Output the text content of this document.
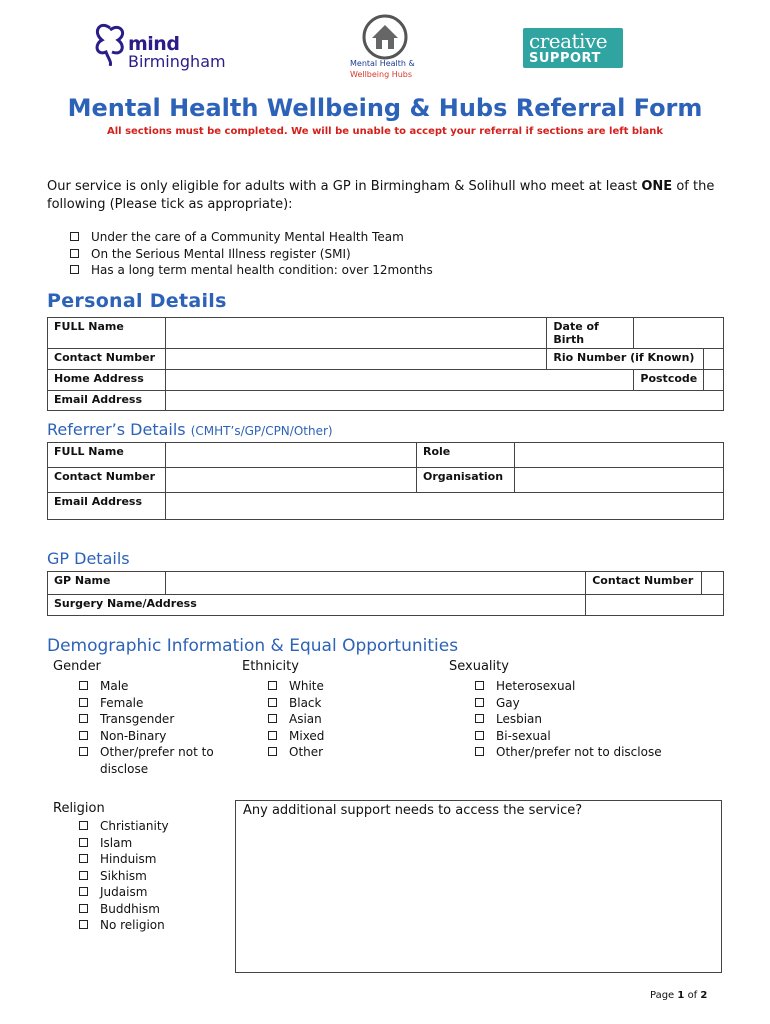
mind
Birmingham	Mental Health &
Wellbeing Hubs
creative
SUPPORT
Mental Health Wellbeing & Hubs Referral Form
All sections must be completed. We will be unable to accept your referral if sections are left blank
Our service is only eligible for adults with a GP in Birmingham & Solihull who meet at least ONE of the following (Please tick as appropriate):
Under the care of a Community Mental Health Team
On the Serious Mental Illness register (SMI)
Has a long term mental health condition: over 12months
Personal Details
FULL Name		Date of Birth		
Contact Number		Rio Number (if Known)		
Home Address			Postcode	
Email Address				
Referrer’s Details (CMHT’s/GP/CPN/Other)
FULL Name		Role	
Contact Number		Organisation	
Email Address			
GP Details
GP Name		Contact Number	
Surgery Name/Address			
Demographic Information & Equal Opportunities
Gender
Male
Female
Transgender
Non-Binary
Other/prefer not to
disclose
Ethnicity
White
Black
Asian
Mixed
Other
Sexuality
Heterosexual
Gay
Lesbian
Bi-sexual
Other/prefer not to disclose
Religion
Christianity
Islam
Hinduism
Sikhism
Judaism
Buddhism
No religion
Any additional support needs to access the service?
Page 1 of 2
